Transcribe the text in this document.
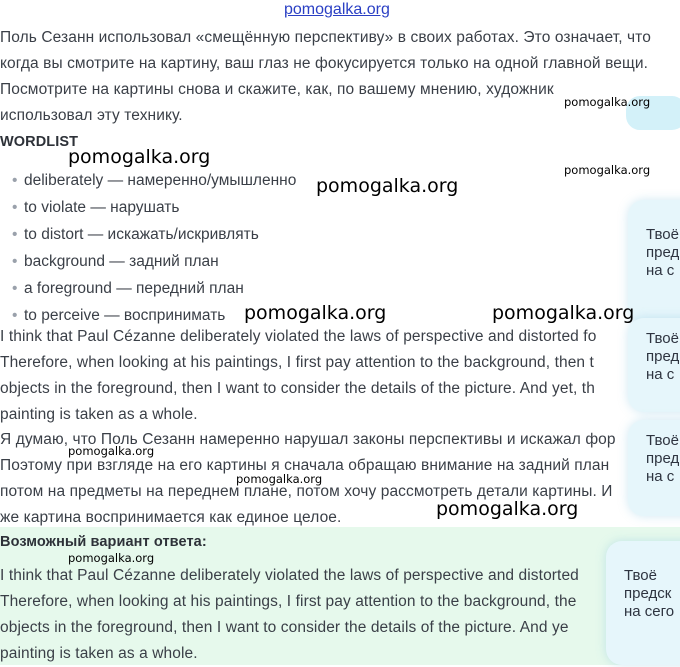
pomogalka.org
Поль Сезанн использовал «смещённую перспективу» в своих работах. Это означает, что
когда вы смотрите на картину, ваш глаз не фокусируется только на одной главной вещи.
Посмотрите на картины снова и скажите, как, по вашему мнению, художник
использовал эту технику.
WORDLIST
• deliberately — намеренно/умышленно
• to violate — нарушать
• to distort — искажать/искривлять
• background — задний план
• a foreground — передний план
• to perceive — воспринимать
I think that Paul Cézanne deliberately violated the laws of perspective and distorted fo
Therefore, when looking at his paintings, I first pay attention to the background, then t
objects in the foreground, then I want to consider the details of the picture. And yet, th
painting is taken as a whole.
Я думаю, что Поль Сезанн намеренно нарушал законы перспективы и искажал фор
Поэтому при взгляде на его картины я сначала обращаю внимание на задний план
потом на предметы на переднем плане, потом хочу рассмотреть детали картины. И
же картина воспринимается как единое целое.
Возможный вариант ответа:
I think that Paul Cézanne deliberately violated the laws of perspective and distorted
Therefore, when looking at his paintings, I first pay attention to the background, the
objects in the foreground, then I want to consider the details of the picture. And ye
painting is taken as a whole.
Твоё
пред
на с
Твоё
пред
на с
Твоё
пред
на с
Твоё
предск
на сего
pomogalka.org
pomogalka.org
pomogalka.org	pomogalka.org
pomogalka.org
pomogalka.org
pomogalka.org
pomogalka.org
pomogalka.org
pomogalka.org
